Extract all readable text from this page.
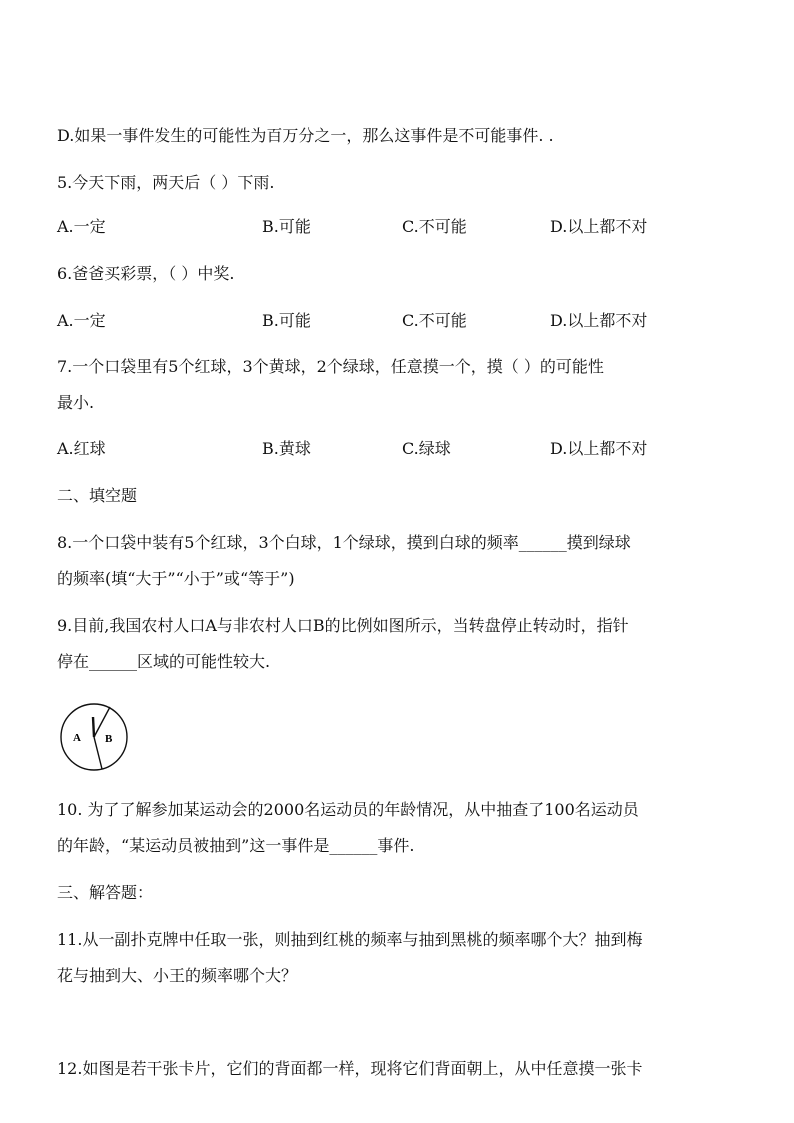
D.如果一事件发生的可能性为百万分之一，那么这事件是不可能事件. .
5.今天下雨，两天后（ ）下雨.
A.一定	B.可能	C.不可能	D.以上都不对
6.爸爸买彩票，（ ）中奖.
A.一定	B.可能	C.不可能	D.以上都不对
7.一个口袋里有5个红球，3个黄球，2个绿球，任意摸一个，摸（ ）的可能性
最小.
A.红球	B.黄球	C.绿球	D.以上都不对
二、填空题
8.一个口袋中装有5个红球，3个白球，1个绿球，摸到白球的频率______摸到绿球
的频率(填“大于”“小于”或“等于”)
9.目前,我国农村人口A与非农村人口B的比例如图所示，当转盘停止转动时，指针
停在______区域的可能性较大.
A B
10. 为了了解参加某运动会的2000名运动员的年龄情况，从中抽查了100名运动员
的年龄，“某运动员被抽到”这一事件是______事件.
三、解答题：
11.从一副扑克牌中任取一张，则抽到红桃的频率与抽到黑桃的频率哪个大？抽到梅
花与抽到大、小王的频率哪个大？
12.如图是若干张卡片，它们的背面都一样，现将它们背面朝上，从中任意摸一张卡
